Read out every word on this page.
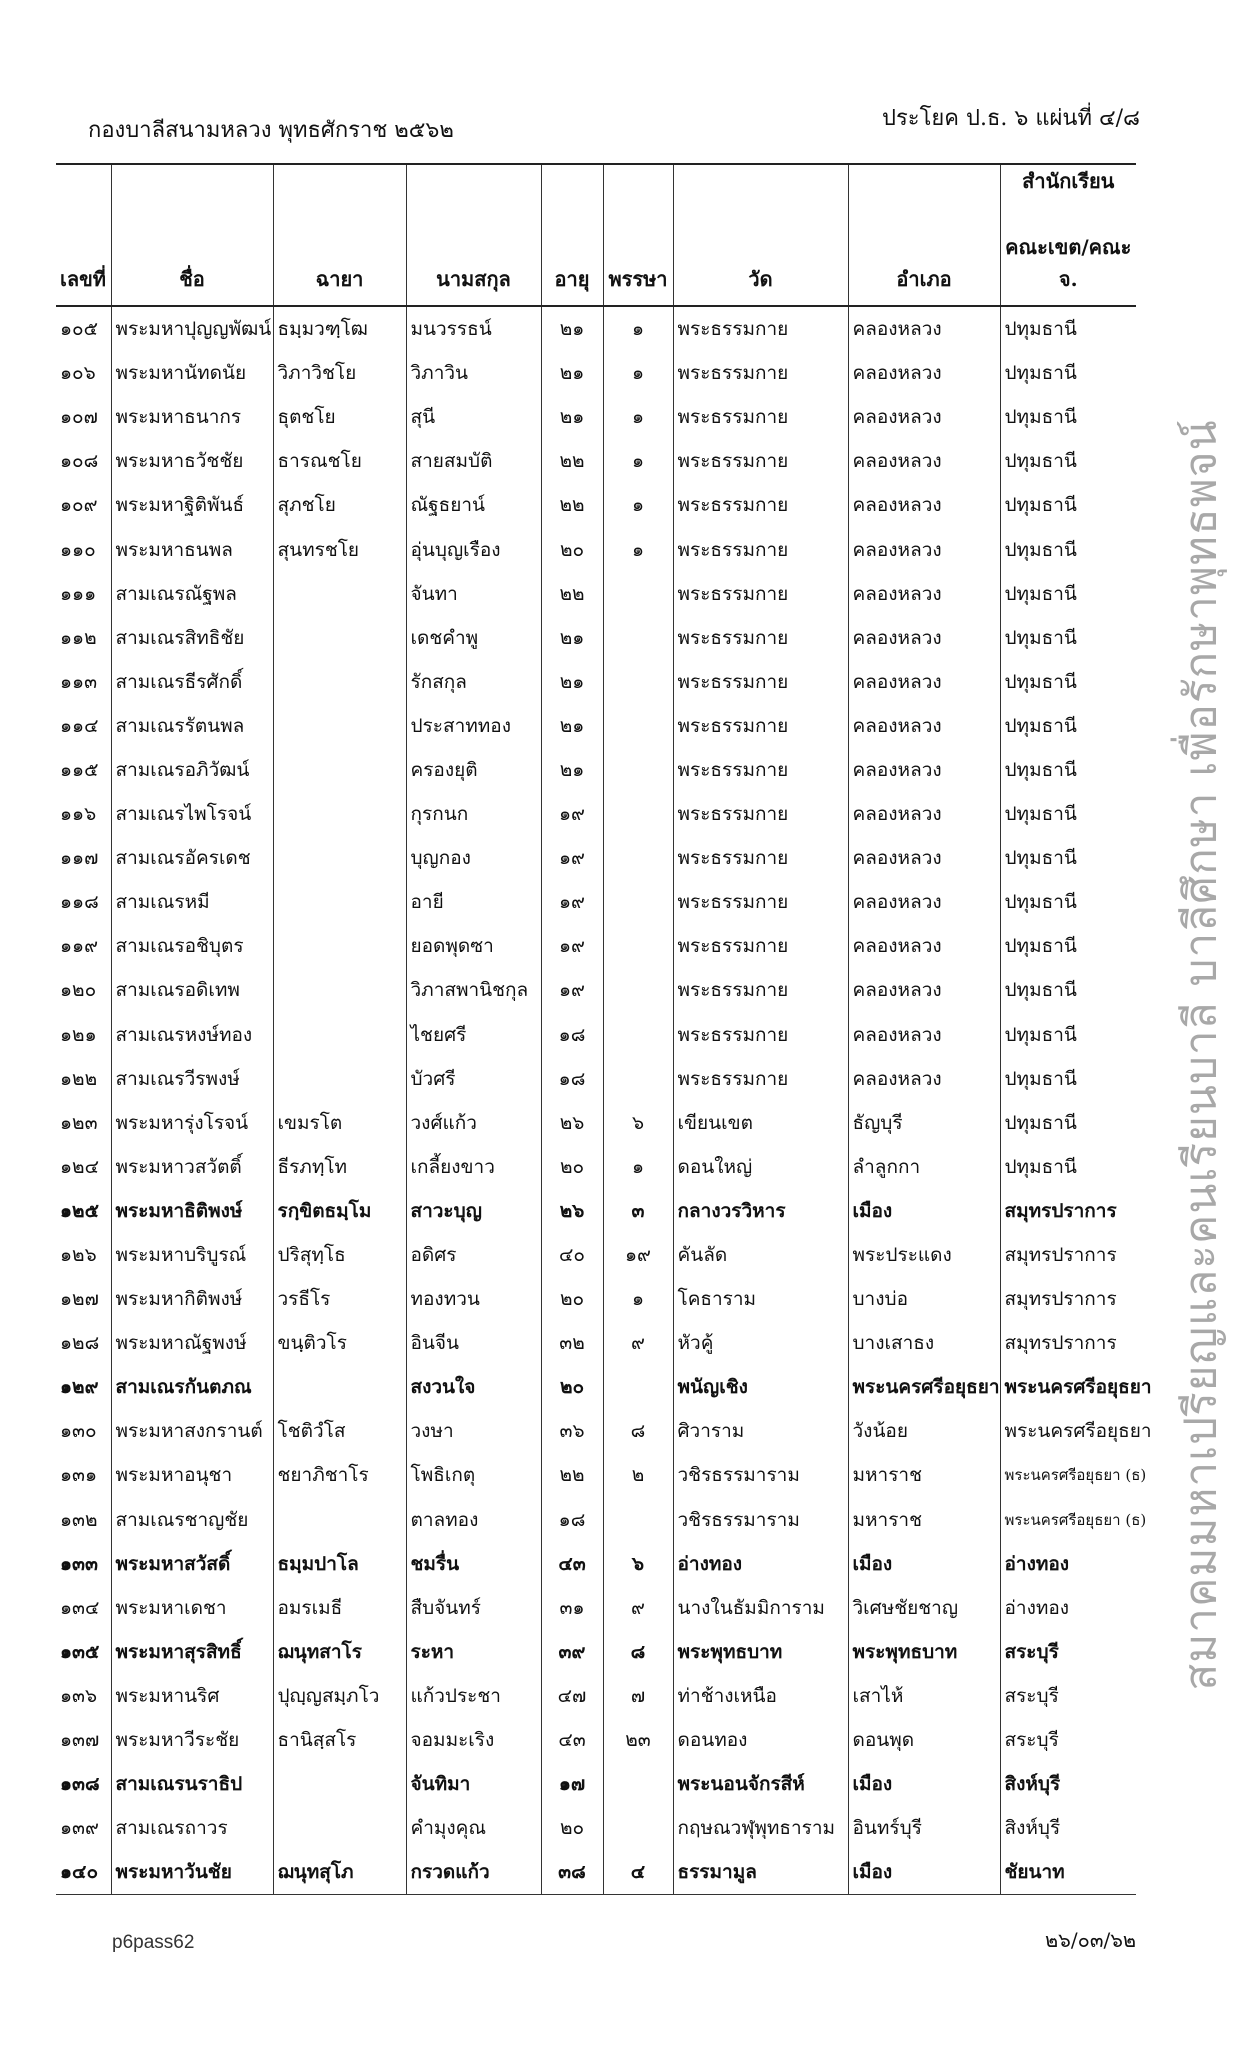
กองบาลีสนามหลวง พุทธศักราช ๒๕๖๒	ประโยค ป.ธ. ๖ แผ่นที่ ๔/๘
สมาคมมหาเปรียญและคนเรียนบาลี บาลีศึกษา เพื่อรักษาพุทธพจน์
เลขที่	ชื่อ	ฉายา	นามสกุล	อายุ	พรรษา	วัด	อำเภอ	สำนักเรียน
คณะเขต/คณะ จ.

๑๐๕	พระมหาปุญญพัฒน์	ธมฺมวฑฺโฒ	มนวรรธน์	๒๑	๑	พระธรรมกาย	คลองหลวง	ปทุมธานี
๑๐๖	พระมหานัทดนัย	วิภาวิชโย	วิภาวิน	๒๑	๑	พระธรรมกาย	คลองหลวง	ปทุมธานี
๑๐๗	พระมหาธนากร	ธุตชโย	สุนี	๒๑	๑	พระธรรมกาย	คลองหลวง	ปทุมธานี
๑๐๘	พระมหาธวัชชัย	ธารณชโย	สายสมบัติ	๒๒	๑	พระธรรมกาย	คลองหลวง	ปทุมธานี
๑๐๙	พระมหาฐิติพันธ์	สุภชโย	ณัฐธยาน์	๒๒	๑	พระธรรมกาย	คลองหลวง	ปทุมธานี
๑๑๐	พระมหาธนพล	สุนทรชโย	อุ่นบุญเรือง	๒๐	๑	พระธรรมกาย	คลองหลวง	ปทุมธานี
๑๑๑	สามเณรณัฐพล		จันทา	๒๒		พระธรรมกาย	คลองหลวง	ปทุมธานี
๑๑๒	สามเณรสิทธิชัย		เดชคำพู	๒๑		พระธรรมกาย	คลองหลวง	ปทุมธานี
๑๑๓	สามเณรธีรศักดิ์		รักสกุล	๒๑		พระธรรมกาย	คลองหลวง	ปทุมธานี
๑๑๔	สามเณรรัตนพล		ประสาททอง	๒๑		พระธรรมกาย	คลองหลวง	ปทุมธานี
๑๑๕	สามเณรอภิวัฒน์		ครองยุติ	๒๑		พระธรรมกาย	คลองหลวง	ปทุมธานี
๑๑๖	สามเณรไพโรจน์		กุรกนก	๑๙		พระธรรมกาย	คลองหลวง	ปทุมธานี
๑๑๗	สามเณรอัครเดช		บุญกอง	๑๙		พระธรรมกาย	คลองหลวง	ปทุมธานี
๑๑๘	สามเณรหมี		อายี	๑๙		พระธรรมกาย	คลองหลวง	ปทุมธานี
๑๑๙	สามเณรอชิบุตร		ยอดพุดซา	๑๙		พระธรรมกาย	คลองหลวง	ปทุมธานี
๑๒๐	สามเณรอดิเทพ		วิภาสพานิชกุล	๑๙		พระธรรมกาย	คลองหลวง	ปทุมธานี
๑๒๑	สามเณรหงษ์ทอง		ไชยศรี	๑๘		พระธรรมกาย	คลองหลวง	ปทุมธานี
๑๒๒	สามเณรวีรพงษ์		บัวศรี	๑๘		พระธรรมกาย	คลองหลวง	ปทุมธานี
๑๒๓	พระมหารุ่งโรจน์	เขมรโต	วงศ์แก้ว	๒๖	๖	เขียนเขต	ธัญบุรี	ปทุมธานี
๑๒๔	พระมหาวสวัตติ์	ธีรภทฺโท	เกลี้ยงขาว	๒๐	๑	ดอนใหญ่	ลำลูกกา	ปทุมธานี
๑๒๕	พระมหาธิติพงษ์	รกฺขิตธมฺโม	สาวะบุญ	๒๖	๓	กลางวรวิหาร	เมือง	สมุทรปราการ
๑๒๖	พระมหาบริบูรณ์	ปริสุทฺโธ	อดิศร	๔๐	๑๙	คันลัด	พระประแดง	สมุทรปราการ
๑๒๗	พระมหากิติพงษ์	วรธีโร	ทองทวน	๒๐	๑	โคธาราม	บางบ่อ	สมุทรปราการ
๑๒๘	พระมหาณัฐพงษ์	ขนฺติวโร	อินจีน	๓๒	๙	หัวคู้	บางเสาธง	สมุทรปราการ
๑๒๙	สามเณรกันตภณ		สงวนใจ	๒๐		พนัญเชิง	พระนครศรีอยุธยา	พระนครศรีอยุธยา
๑๓๐	พระมหาสงกรานต์	โชติวํโส	วงษา	๓๖	๘	ศิวาราม	วังน้อย	พระนครศรีอยุธยา
๑๓๑	พระมหาอนุชา	ชยาภิชาโร	โพธิเกตุ	๒๒	๒	วชิรธรรมาราม	มหาราช	พระนครศรีอยุธยา (ธ)
๑๓๒	สามเณรชาญชัย		ตาลทอง	๑๘		วชิรธรรมาราม	มหาราช	พระนครศรีอยุธยา (ธ)
๑๓๓	พระมหาสวัสดิ์	ธมฺมปาโล	ชมรื่น	๔๓	๖	อ่างทอง	เมือง	อ่างทอง
๑๓๔	พระมหาเดชา	อมรเมธี	สืบจันทร์	๓๑	๙	นางในธัมมิการาม	วิเศษชัยชาญ	อ่างทอง
๑๓๕	พระมหาสุรสิทธิ์	ฌนุทสาโร	ระหา	๓๙	๘	พระพุทธบาท	พระพุทธบาท	สระบุรี
๑๓๖	พระมหานริศ	ปุญฺญสมฺภโว	แก้วประชา	๔๗	๗	ท่าช้างเหนือ	เสาไห้	สระบุรี
๑๓๗	พระมหาวีระชัย	ธานิสฺสโร	จอมมะเริง	๔๓	๒๓	ดอนทอง	ดอนพุด	สระบุรี
๑๓๘	สามเณรนราธิป		จันทิมา	๑๗		พระนอนจักรสีห์	เมือง	สิงห์บุรี
๑๓๙	สามเณรถาวร		คำมุงคุณ	๒๐		กฤษณวฬุพุทธาราม	อินทร์บุรี	สิงห์บุรี
๑๔๐	พระมหาวันชัย	ฌนุทสุโภ	กรวดแก้ว	๓๘	๔	ธรรมามูล	เมือง	ชัยนาท
p6pass62	๒๖/๐๓/๖๒
